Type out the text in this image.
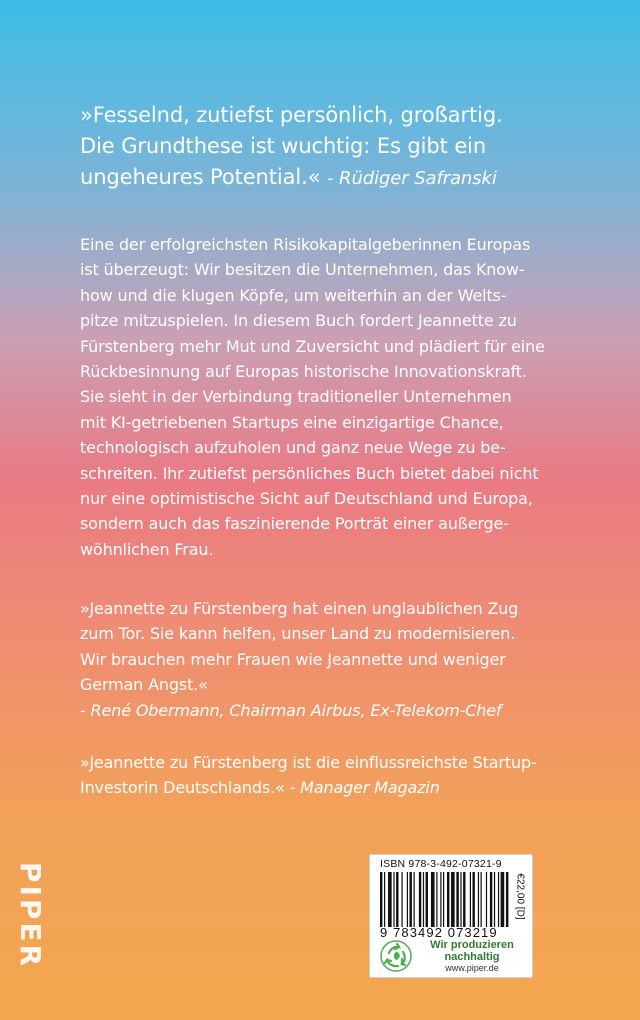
»Fesselnd, zutiefst persönlich, großartig.
Die Grundthese ist wuchtig: Es gibt ein
ungeheures Potential.« - Rüdiger Safranski
Eine der erfolgreichsten Risikokapitalgeberinnen Europas
ist überzeugt: Wir besitzen die Unternehmen, das Know-
how und die klugen Köpfe, um weiterhin an der Welts-
pitze mitzuspielen. In diesem Buch fordert Jeannette zu
Fürstenberg mehr Mut und Zuversicht und plädiert für eine
Rückbesinnung auf Europas historische Innovationskraft.
Sie sieht in der Verbindung traditioneller Unternehmen
mit KI-getriebenen Startups eine einzigartige Chance,
technologisch aufzuholen und ganz neue Wege zu be-
schreiten. Ihr zutiefst persönliches Buch bietet dabei nicht
nur eine optimistische Sicht auf Deutschland und Europa,
sondern auch das faszinierende Porträt einer außerge-
wöhnlichen Frau.
»Jeannette zu Fürstenberg hat einen unglaublichen Zug
zum Tor. Sie kann helfen, unser Land zu modernisieren.
Wir brauchen mehr Frauen wie Jeannette und weniger
German Angst.«
- René Obermann, Chairman Airbus, Ex-Telekom-Chef
»Jeannette zu Fürstenberg ist die einflussreichste Startup-
Investorin Deutschlands.« - Manager Magazin
PIPER	ISBN 978-3-492-07321-9
9 783492 073219
€22,00 [D]
Wir produzieren
nachhaltig
www.piper.de
